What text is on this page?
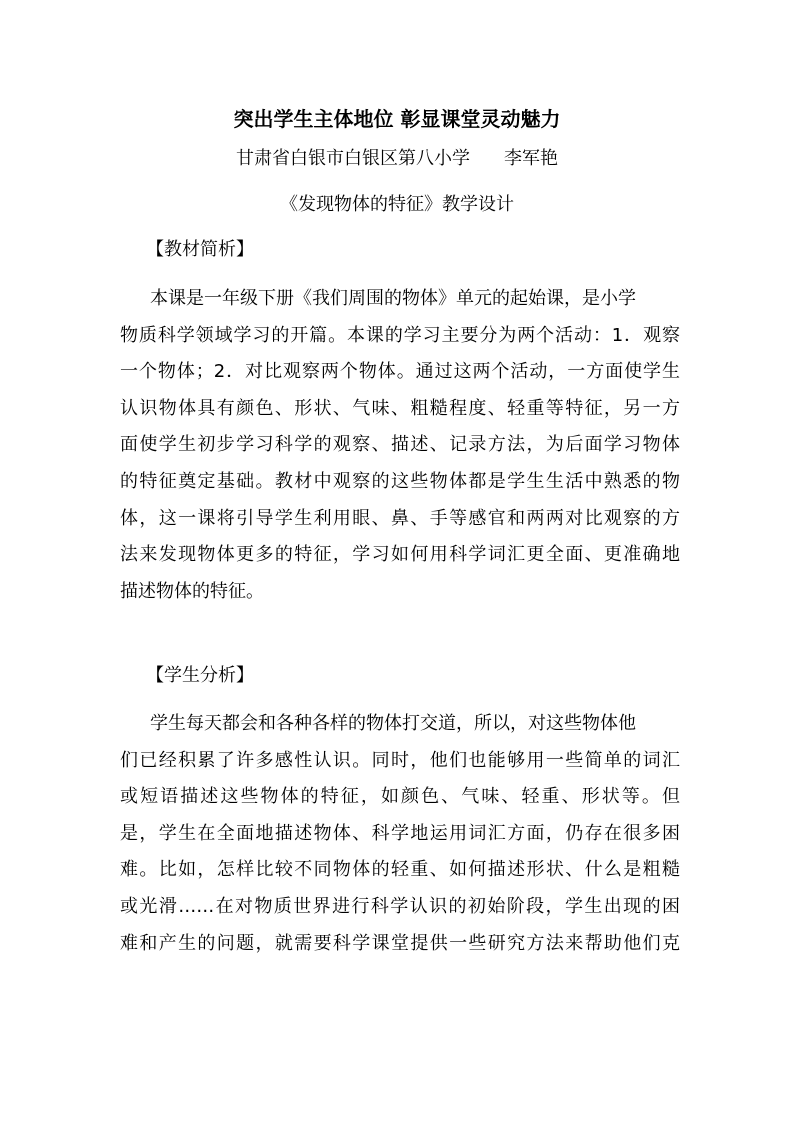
突出学生主体地位 彰显课堂灵动魅力
甘肃省白银市白银区第八小学 李军艳
《发现物体的特征》教学设计
【教材简析】
本课是一年级下册《我们周围的物体》单元的起始课，是小学
物质科学领域学习的开篇。本课的学习主要分为两个活动：1．观察
一个物体；2．对比观察两个物体。通过这两个活动，一方面使学生
认识物体具有颜色、形状、气味、粗糙程度、轻重等特征，另一方
面使学生初步学习科学的观察、描述、记录方法，为后面学习物体
的特征奠定基础。教材中观察的这些物体都是学生生活中熟悉的物
体，这一课将引导学生利用眼、鼻、手等感官和两两对比观察的方
法来发现物体更多的特征，学习如何用科学词汇更全面、更准确地
描述物体的特征。
【学生分析】
学生每天都会和各种各样的物体打交道，所以，对这些物体他
们已经积累了许多感性认识。同时，他们也能够用一些简单的词汇
或短语描述这些物体的特征，如颜色、气味、轻重、形状等。但
是，学生在全面地描述物体、科学地运用词汇方面，仍存在很多困
难。比如，怎样比较不同物体的轻重、如何描述形状、什么是粗糙
或光滑……在对物质世界进行科学认识的初始阶段，学生出现的困
难和产生的问题，就需要科学课堂提供一些研究方法来帮助他们克
